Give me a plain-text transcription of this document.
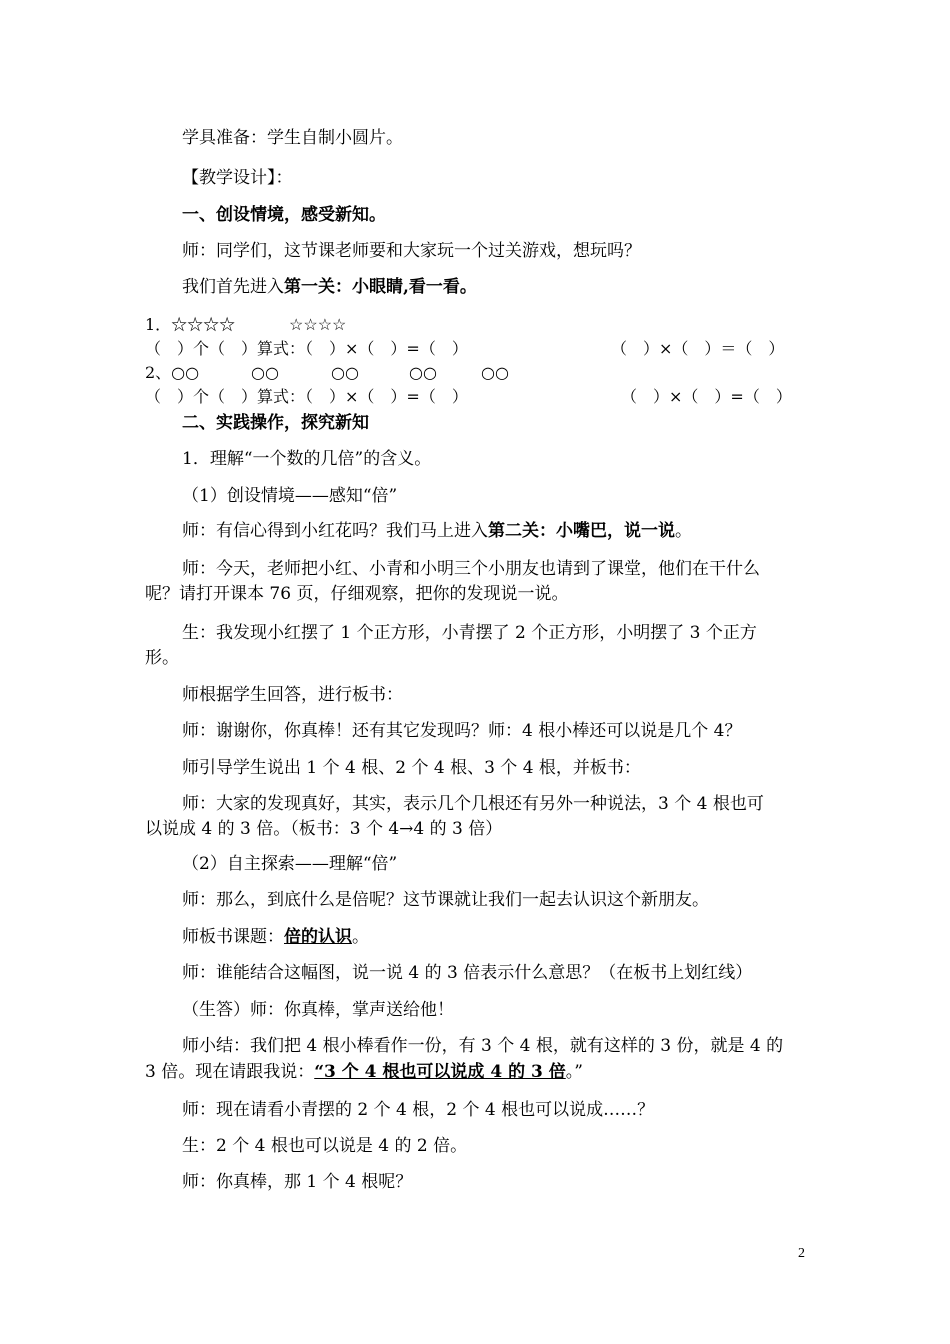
学具准备：学生自制小圆片。
【教学设计】：
一、创设情境，感受新知。
师：同学们，这节课老师要和大家玩一个过关游戏，想玩吗？
我们首先进入第一关：小眼睛,看一看。
1．☆☆☆☆	☆☆☆☆
（　）个（　）算式：（　）×（　）=（　）	（　）×（　）＝（　）
2、○○	○○	○○	○○	○○
（　）个（　）算式：（　）×（　）=（　）	（　）×（　）=（　）
二、实践操作，探究新知
1．理解“一个数的几倍”的含义。
（1）创设情境——感知“倍”
师：有信心得到小红花吗？我们马上进入第二关：小嘴巴，说一说。
师：今天，老师把小红、小青和小明三个小朋友也请到了课堂，他们在干什么
呢？请打开课本 76 页，仔细观察，把你的发现说一说。
生：我发现小红摆了 1 个正方形，小青摆了 2 个正方形，小明摆了 3 个正方
形。
师根据学生回答，进行板书：
师：谢谢你，你真棒！还有其它发现吗？师：4 根小棒还可以说是几个 4？
师引导学生说出 1 个 4 根、2 个 4 根、3 个 4 根，并板书：
师：大家的发现真好，其实，表示几个几根还有另外一种说法，3 个 4 根也可
以说成 4 的 3 倍。（板书：3 个 4→4 的 3 倍）
（2）自主探索——理解“倍”
师：那么，到底什么是倍呢？这节课就让我们一起去认识这个新朋友。
师板书课题：倍的认识。
师：谁能结合这幅图，说一说 4 的 3 倍表示什么意思？（在板书上划红线）
（生答）师：你真棒，掌声送给他！
师小结：我们把 4 根小棒看作一份，有 3 个 4 根，就有这样的 3 份，就是 4 的
3 倍。现在请跟我说：“3 个 4 根也可以说成 4 的 3 倍。”
师：现在请看小青摆的 2 个 4 根，2 个 4 根也可以说成……？
生：2 个 4 根也可以说是 4 的 2 倍。
师：你真棒，那 1 个 4 根呢？
2
